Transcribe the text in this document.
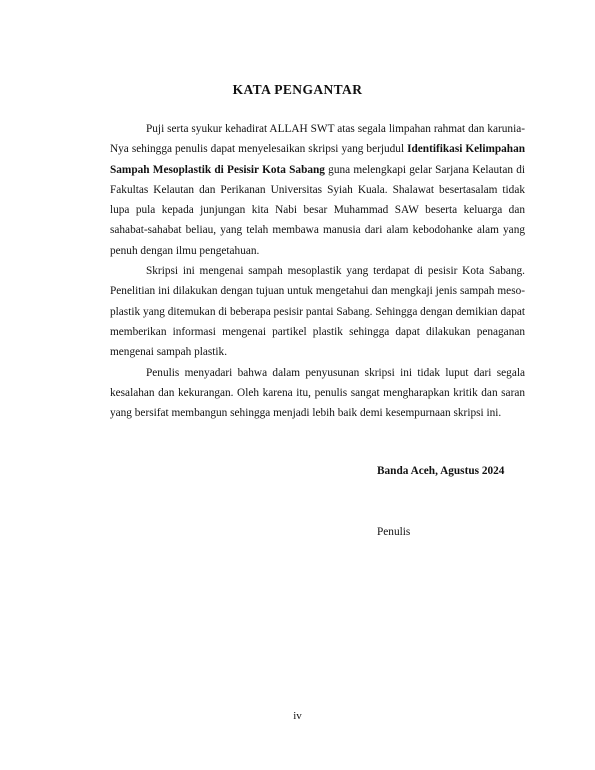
KATA PENGANTAR

Puji serta syukur kehadirat ALLAH SWT atas segala limpahan rahmat dan karunia-Nya sehingga penulis dapat menyelesaikan skripsi yang berjudul Identifikasi Kelimpahan Sampah Mesoplastik di Pesisir Kota Sabang guna melengkapi gelar Sarjana Kelautan di Fakultas Kelautan dan Perikanan Universitas Syiah Kuala. Shalawat besertasalam tidak lupa pula kepada junjungan kita Nabi besar Muhammad SAW beserta keluarga dan sahabat-sahabat beliau, yang telah membawa manusia dari alam kebodohanke alam yang penuh dengan ilmu pengetahuan.

Skripsi ini mengenai sampah mesoplastik yang terdapat di pesisir Kota Sabang. Penelitian ini dilakukan dengan tujuan untuk mengetahui dan mengkaji jenis sampah meso-plastik yang ditemukan di beberapa pesisir pantai Sabang. Sehingga dengan demikian dapat memberikan informasi mengenai partikel plastik sehingga dapat dilakukan penaganan mengenai sampah plastik.

Penulis menyadari bahwa dalam penyusunan skripsi ini tidak luput dari segala kesalahan dan kekurangan. Oleh karena itu, penulis sangat mengharapkan kritik dan saran yang bersifat membangun sehingga menjadi lebih baik demi kesempurnaan skripsi ini.

Banda Aceh, Agustus 2024
Penulis
iv
